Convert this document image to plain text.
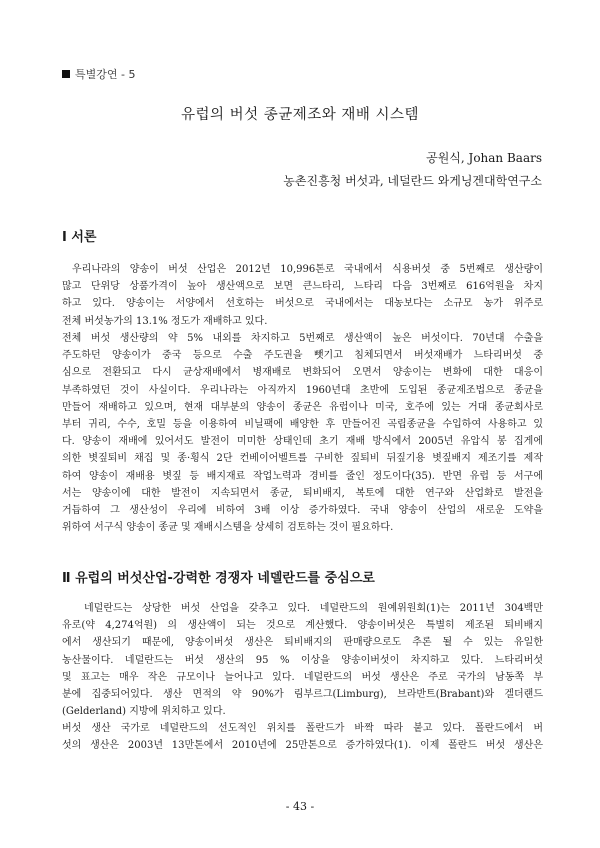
특별강연 - 5
유럽의 버섯 종균제조와 재배 시스템
공원식, Johan Baars
농촌진흥청 버섯과, 네덜란드 와게닝겐대학연구소
Ⅰ 서론
우리나라의 양송이 버섯 산업은 2012년 10,996톤로 국내에서 식용버섯 중 5번째로 생산량이
많고 단위당 상품가격이 높아 생산액으로 보면 큰느타리, 느타리 다음 3번째로 616억원을 차지
하고 있다. 양송이는 서양에서 선호하는 버섯으로 국내에서는 대농보다는 소규모 농가 위주로
전체 버섯농가의 13.1% 정도가 재배하고 있다.
전체 버섯 생산량의 약 5% 내외를 차지하고 5번째로 생산액이 높은 버섯이다. 70년대 수출을
주도하던 양송이가 중국 등으로 수출 주도권을 뺏기고 침체되면서 버섯재배가 느타리버섯 중
심으로 전환되고 다시 균상재배에서 병재배로 변화되어 오면서 양송이는 변화에 대한 대응이
부족하였던 것이 사실이다. 우리나라는 아직까지 1960년대 초반에 도입된 종균제조법으로 종균을
만들어 재배하고 있으며, 현재 대부분의 양송이 종균은 유럽이나 미국, 호주에 있는 거대 종균회사로
부터 귀리, 수수, 호밀 등을 이용하여 비닐팩에 배양한 후 만들어진 곡립종균을 수입하여 사용하고 있
다. 양송이 재배에 있어서도 발전이 미미한 상태인데 초기 재배 방식에서 2005년 유압식 봉 집게에
의한 볏짚퇴비 채집 및 종·횡식 2단 컨베이어벨트를 구비한 짚퇴비 뒤짚기용 볏짚배지 제조기를 제작
하여 양송이 재배용 볏짚 등 배지재료 작업노력과 경비를 줄인 정도이다(35). 반면 유럽 등 서구에
서는 양송이에 대한 발전이 지속되면서 종균, 퇴비배지, 복토에 대한 연구와 산업화로 발전을
거듭하여 그 생산성이 우리에 비하여 3배 이상 증가하였다. 국내 양송이 산업의 새로운 도약을
위하여 서구식 양송이 종균 및 재배시스템을 상세히 검토하는 것이 필요하다.
Ⅱ 유럽의 버섯산업-강력한 경쟁자 네델란드를 중심으로
네덜란드는 상당한 버섯 산업을 갖추고 있다. 네덜란드의 원예위원회(1)는 2011년 304백만
유로(약 4,274억원) 의 생산액이 되는 것으로 계산했다. 양송이버섯은 특별히 제조된 퇴비배지
에서 생산되기 때문에, 양송이버섯 생산은 퇴비배지의 판매량으로도 추론 될 수 있는 유일한
농산물이다. 네덜란드는 버섯 생산의 95 % 이상을 양송이버섯이 차지하고 있다. 느타리버섯
및 표고는 매우 작은 규모이나 늘어나고 있다. 네덜란드의 버섯 생산은 주로 국가의 남동쪽 부
분에 집중되어있다. 생산 면적의 약 90%가 림부르그(Limburg), 브라반트(Brabant)와 겔더랜드
(Gelderland) 지방에 위치하고 있다.
버섯 생산 국가로 네덜란드의 선도적인 위치를 폴란드가 바짝 따라 붙고 있다. 폴란드에서 버
섯의 생산은 2003년 13만톤에서 2010년에 25만톤으로 증가하였다(1). 이제 폴란드 버섯 생산은
- 43 -
